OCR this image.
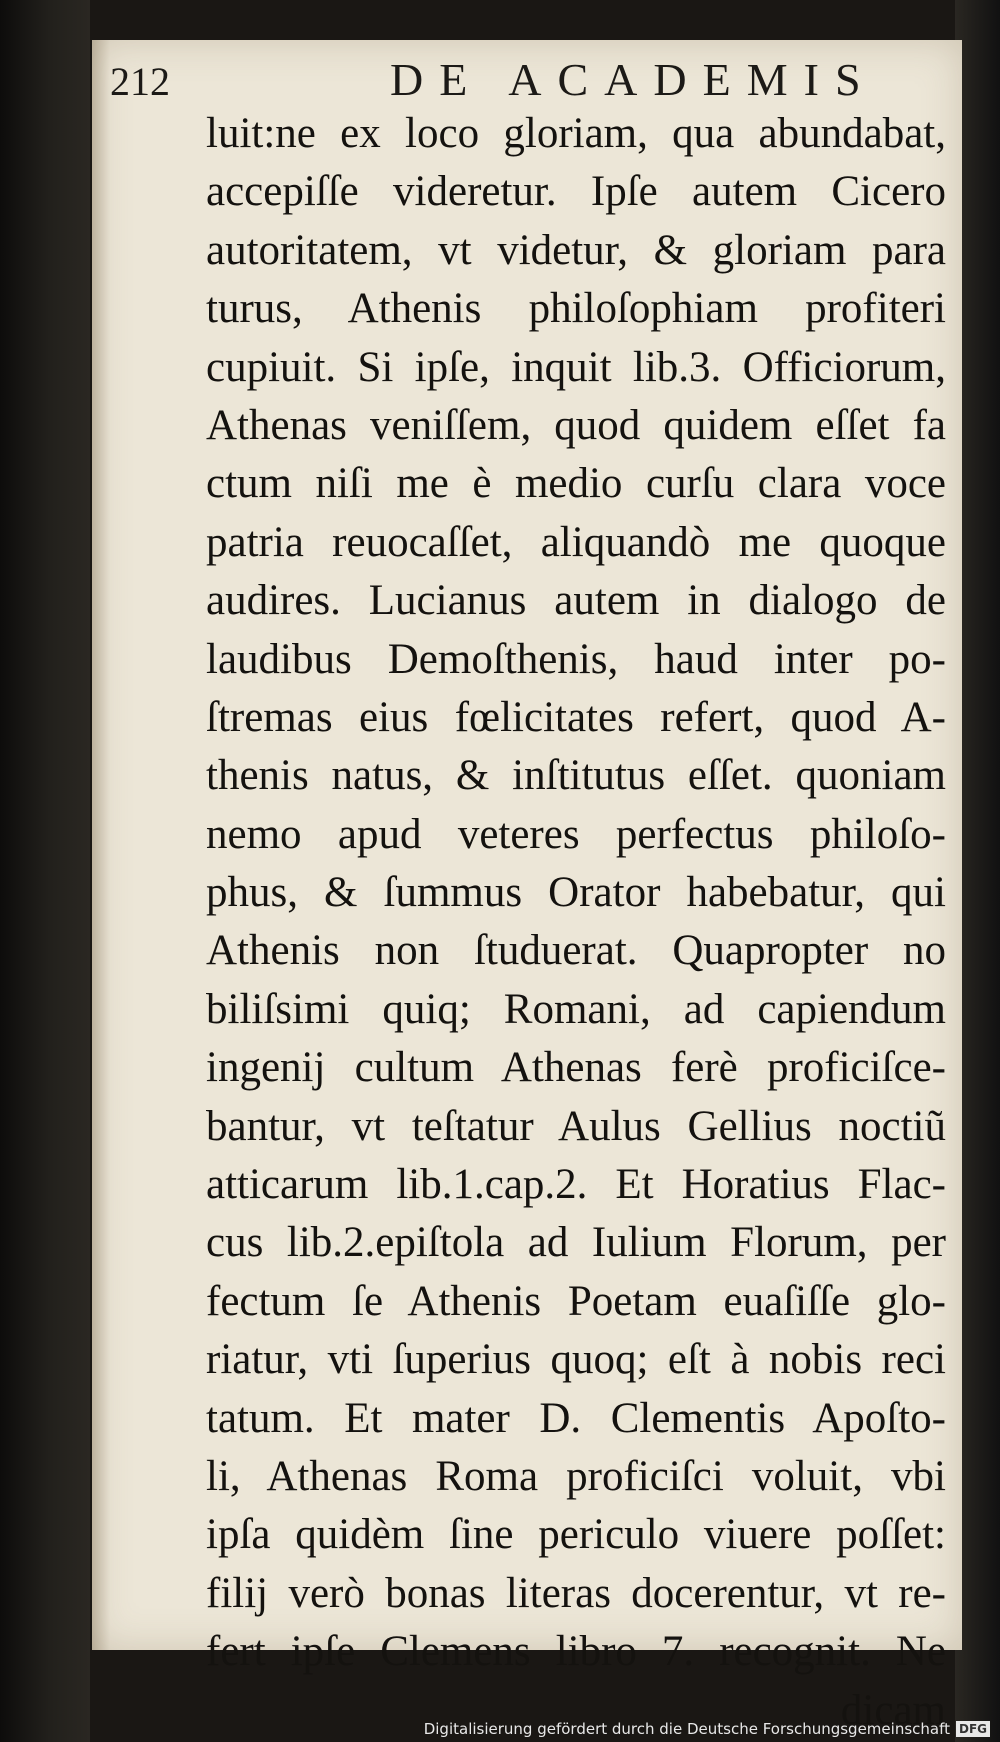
212	DE ACADEMIS
luit:ne ex loco gloriam, qua abundabat,
accepiſſe videretur. Ipſe autem Cicero
autoritatem, vt videtur, & gloriam para
turus, Athenis philoſophiam profiteri
cupiuit. Si ipſe, inquit lib.3. Officiorum,
Athenas veniſſem, quod quidem eſſet fa
ctum niſi me è medio curſu clara voce
patria reuocaſſet, aliquandò me quoque
audires. Lucianus autem in dialogo de
laudibus Demoſthenis, haud inter po-
ſtremas eius fœlicitates refert, quod A-
thenis natus, & inſtitutus eſſet. quoniam
nemo apud veteres perfectus philoſo-
phus, & ſummus Orator habebatur, qui
Athenis non ſtuduerat. Quapropter no
biliſsimi quiq; Romani, ad capiendum
ingenij cultum Athenas ferè proficiſce-
bantur, vt teſtatur Aulus Gellius noctiũ
atticarum lib.1.cap.2. Et Horatius Flac-
cus lib.2.epiſtola ad Iulium Florum, per
fectum ſe Athenis Poetam euaſiſſe glo-
riatur, vti ſuperius quoq; eſt à nobis reci
tatum. Et mater D. Clementis Apoſto-
li, Athenas Roma proficiſci voluit, vbi
ipſa quidèm ſine periculo viuere poſſet:
filij verò bonas literas docerentur, vt re-
fert ipſe Clemens libro 7. recognit. Ne
dicam
Digitalisierung gefördert durch die Deutsche Forschungsgemeinschaft DFG
